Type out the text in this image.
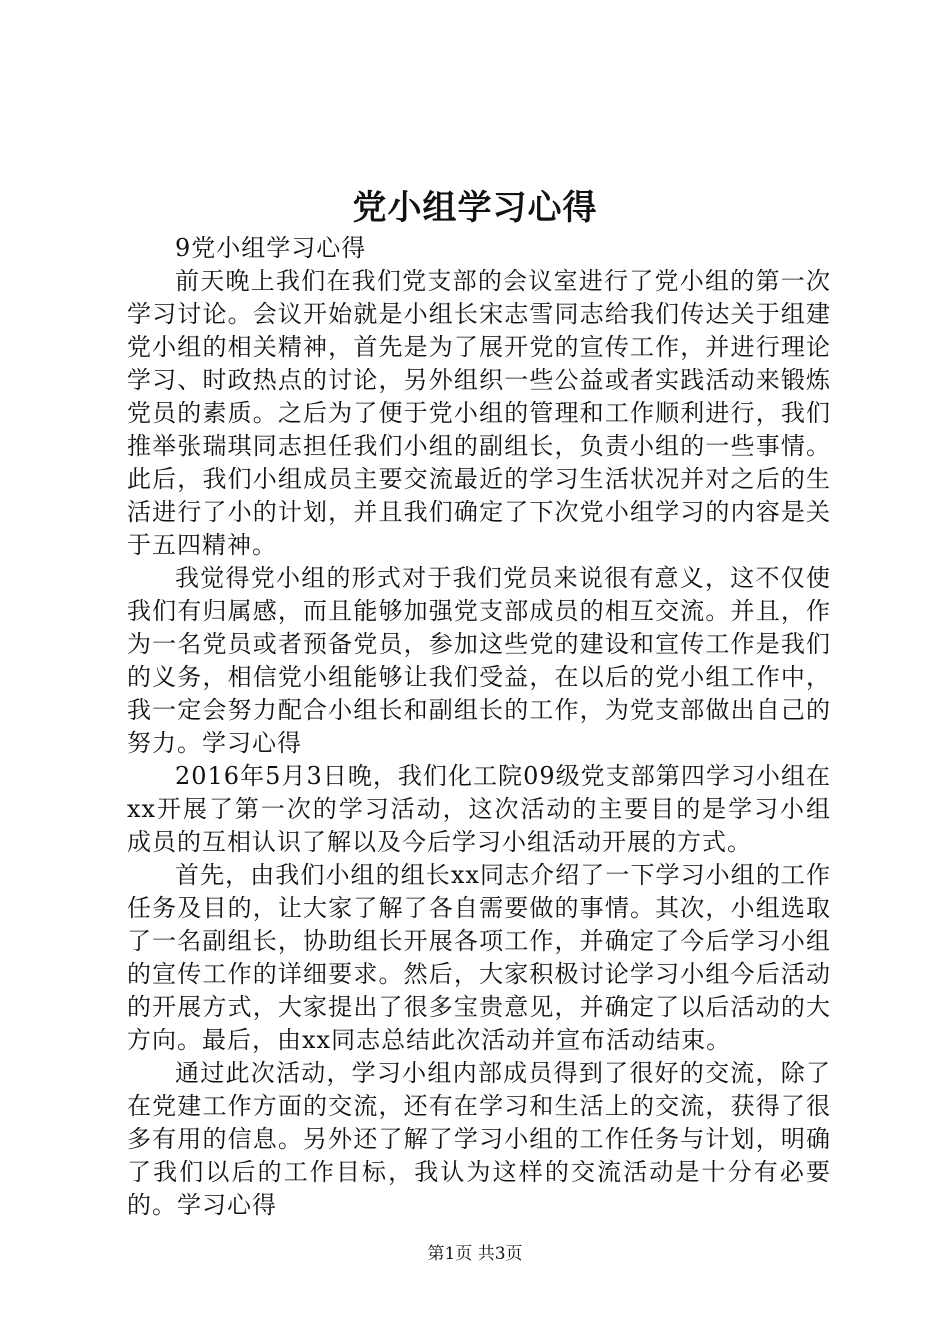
党小组学习心得

9党小组学习心得

前天晚上我们在我们党支部的会议室进行了党小组的第一次学习讨论。会议开始就是小组长宋志雪同志给我们传达关于组建党小组的相关精神，首先是为了展开党的宣传工作，并进行理论学习、时政热点的讨论，另外组织一些公益或者实践活动来锻炼党员的素质。之后为了便于党小组的管理和工作顺利进行，我们推举张瑞琪同志担任我们小组的副组长，负责小组的一些事情。此后，我们小组成员主要交流最近的学习生活状况并对之后的生活进行了小的计划，并且我们确定了下次党小组学习的内容是关于五四精神。

我觉得党小组的形式对于我们党员来说很有意义，这不仅使我们有归属感，而且能够加强党支部成员的相互交流。并且，作为一名党员或者预备党员，参加这些党的建设和宣传工作是我们的义务，相信党小组能够让我们受益，在以后的党小组工作中，我一定会努力配合小组长和副组长的工作，为党支部做出自己的努力。学习心得

2016年5月3日晚，我们化工院09级党支部第四学习小组在xx开展了第一次的学习活动，这次活动的主要目的是学习小组成员的互相认识了解以及今后学习小组活动开展的方式。

首先，由我们小组的组长xx同志介绍了一下学习小组的工作任务及目的，让大家了解了各自需要做的事情。其次，小组选取了一名副组长，协助组长开展各项工作，并确定了今后学习小组的宣传工作的详细要求。然后，大家积极讨论学习小组今后活动的开展方式，大家提出了很多宝贵意见，并确定了以后活动的大方向。最后，由xx同志总结此次活动并宣布活动结束。

通过此次活动，学习小组内部成员得到了很好的交流，除了在党建工作方面的交流，还有在学习和生活上的交流，获得了很多有用的信息。另外还了解了学习小组的工作任务与计划，明确了我们以后的工作目标，我认为这样的交流活动是十分有必要的。学习心得

第1页 共3页
